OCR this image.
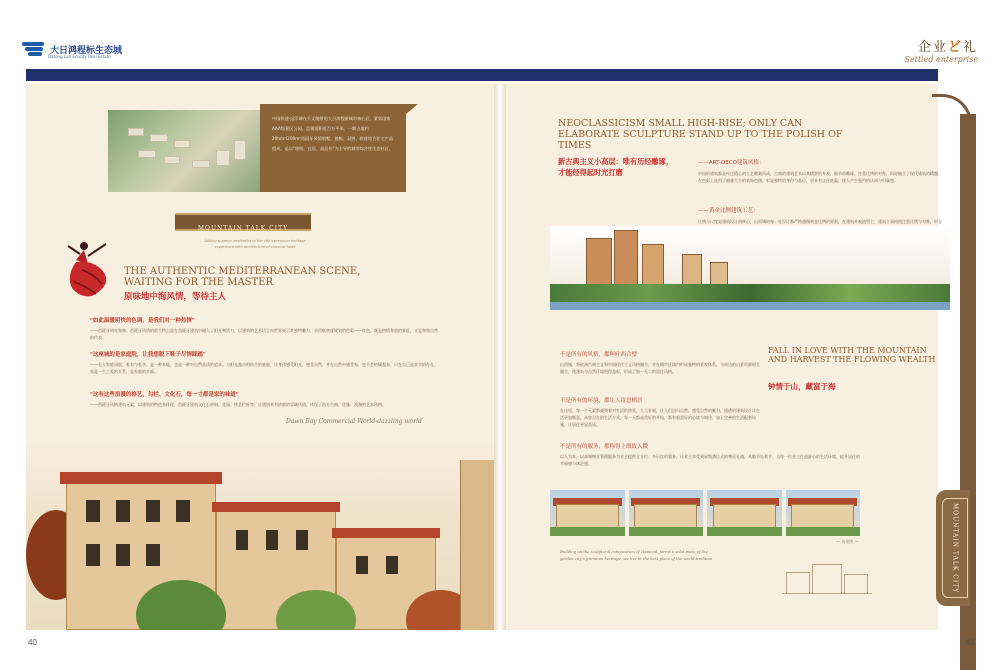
大日鸿程标生态城
Datong Lan Ecocity Real Estate
企业ど礼
Settled enterprise

中国铁建·远洋城在千文地带的大日鸿程新城市核心区，紧邻国家AAA级景区公园，总建面积近百万平米，一期占地约20hm²/200m²西班牙风情别墅，独栋、双拼、联排综合住宅产品组成，是以"建筑、宜居、高品位"为主导的城市综合性生态社区。

MOUNTAIN TALK CITY
Adding superior aesthetics to the city's premium heritage experience with architecture of classical taste
THE AUTHENTIC MEDITERRANEAN SCENE, WAITING FOR THE MASTER
原味地中海风情，等待主人
"如此温暖明快的色调，是我们对一种热情"
——西班牙明亮和谐、西班牙风情的最大特点是在西班牙建筑中融入了阳光和活力，以建筑的艺术语言向世界展示其独特魅力，采用低密度规划的色彩——红色，既是热情奔放的象征，又是和谐自然的代表。
"这座城的是家庭院，让我想脱下鞋子尽情踩踏"
——长入家庭园院，私有与私享，是一种本能，也是一种对自然品质的追求。与阳光露台相结合的庭院，让身体感受阳光，感受自然，并在自然中感受家，也不会枯燥起来，只在自己是真实的存在。家是一生之爱的关系，是家庭的幸福。
"这有这些浪漫的格艺，勾栏、文化石，每一寸都是家的味道"
——西班牙风格建筑元素，以建筑的特色来体现，西班牙建筑文化石材料、花园、铁艺栏杆等，让建筑具有浓郁的异域风情，体现了西方古典、优雅、浪漫的艺术风格。
Dawn Bay Commercial World-dazzling world
40
NEOCLASSICISM SMALL HIGH-RISE; ONLY CAN ELABORATE SCULPTURE STAND UP TO THE POLISH OF TIMES
新古典主义小高层：唯有历经雕琢，才能经得起时光打磨
——ART-DECO建筑风格：
中国的建筑都是经过精心的工艺雕刻而成，古典的建筑艺术以其精湛的外观、细节的雕琢、注重比例的对称，同时融合了现代建筑的精髓，在色彩上选用了典雅大方的装饰色调，彰显独特的身份与品位，更具有文化底蕴，使人产生强烈的认同与归属感。
——黄金比例建筑工艺：
比例与尺度是建筑设计的核心，山顶城的每一处设计都严格遵循黄金比例的原则，在建筑外观造型上，建筑立面构图注重比例与对称，形态
FALL IN LOVE WITH THE MOUNTAIN AND HARVEST THE FLOWING WEALTH
钟情于山，藏富于海
不是所有的风格，都叫叶西合璧
山顶城，将欧洲古典主义和中国现代主义风格融合，并在城市区域内形成独特的景观体系，与周边的山景资源相互融合，使建筑与自然环境相得益彰，形成了独一无二的居住风格。
不是所有的环境，都让人诗意栖居
在这里，每一个元素都凝聚着对生活的热爱，九大景观，让人们回归自然，感受自然的魅力，通透的建筑设计让生活更加惬意，从容自在的生活方式，每一天都是美好的开始，都有着美好的心境与期待，加上完善的生活配套设施，让居住更显品质。
不是所有的服务，都称得上细致入微
以人为本，以高端物业管理服务为业主提供全方位、多层次的服务，让业主享受到星级酒店式的尊贵礼遇，从细节处着手，为每一位业主打造舒心的生活环境，提升居住的幸福感与满足感。
— 效果图 —
Building on the sculptural composition of classical, forms a solid mass of the garden city's premium heritage, we live in the best place of the world tradition	MOUNTAIN TALK CITY
41
